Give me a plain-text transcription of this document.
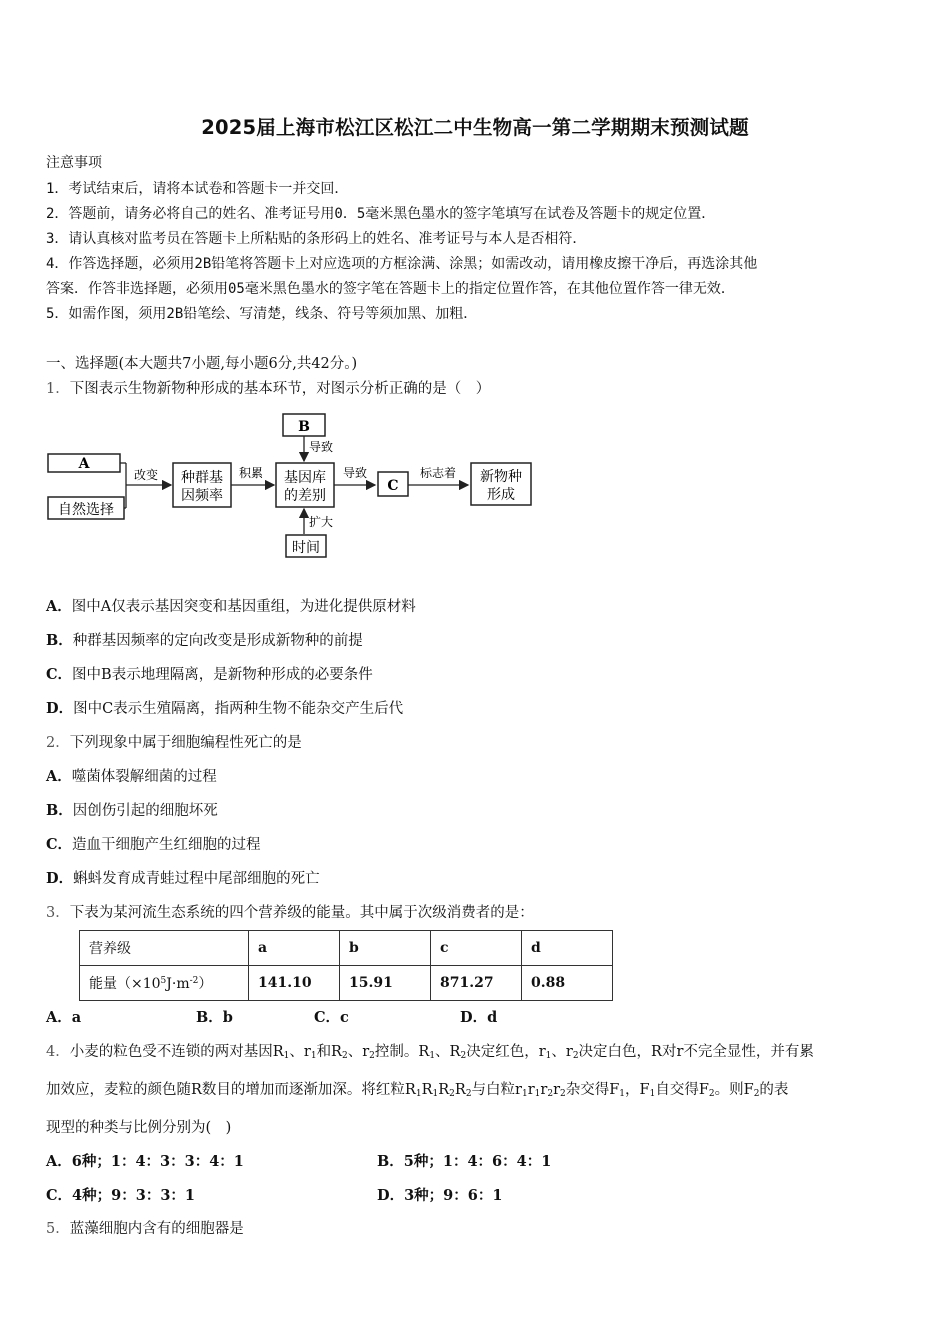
2025届上海市松江区松江二中生物高一第二学期期末预测试题
注意事项
1．考试结束后，请将本试卷和答题卡一并交回．
2．答题前，请务必将自己的姓名、准考证号用0．5毫米黑色墨水的签字笔填写在试卷及答题卡的规定位置．
3．请认真核对监考员在答题卡上所粘贴的条形码上的姓名、准考证号与本人是否相符．
4．作答选择题，必须用2B铅笔将答题卡上对应选项的方框涂满、涂黑；如需改动，请用橡皮擦干净后，再选涂其他
答案．作答非选择题，必须用05毫米黑色墨水的签字笔在答题卡上的指定位置作答，在其他位置作答一律无效．
5．如需作图，须用2B铅笔绘、写清楚，线条、符号等须加黑、加粗．
一、选择题(本大题共7小题,每小题6分,共42分。)
1．下图表示生物新物种形成的基本环节，对图示分析正确的是（　）
A
自然选择
改变 种群基
因频率
积累
B
导致
基因库
的差别
导致
C
标志着 新物种
形成
扩大
时间
A．图中A仅表示基因突变和基因重组，为进化提供原材料
B．种群基因频率的定向改变是形成新物种的前提
C．图中B表示地理隔离，是新物种形成的必要条件
D．图中C表示生殖隔离，指两种生物不能杂交产生后代
2．下列现象中属于细胞编程性死亡的是
A．噬菌体裂解细菌的过程
B．因创伤引起的细胞坏死
C．造血干细胞产生红细胞的过程
D．蝌蚪发育成青蛙过程中尾部细胞的死亡
3．下表为某河流生态系统的四个营养级的能量。其中属于次级消费者的是：
营养级	a	b	c	d
能量$(\times 10^5J\cdot m^{-2})$	141.10	15.91	871.27	0.88
A．a	B．b	C．c	D．d
4．小麦的粒色受不连锁的两对基因$R_1$、$r_1$和$R_2$、$r_2$控制。$R_1$、$R_2$决定红色，$r_1$、$r_2$决定白色，R对r不完全显性，并有累
加效应，麦粒的颜色随R数目的增加而逐渐加深。将红粒$R_1R_1R_2R_2$与白粒$r_1r_1r_2r_2$杂交得$F_1$，$F_1$自交得$F_2$。则$F_2$的表
现型的种类与比例分别为(　)
A．6种；1：4：3：3：4：1	B．5种；1：4：6：4：1
C．4种；9：3：3：1	D．3种；9：6：1
5．蓝藻细胞内含有的细胞器是
